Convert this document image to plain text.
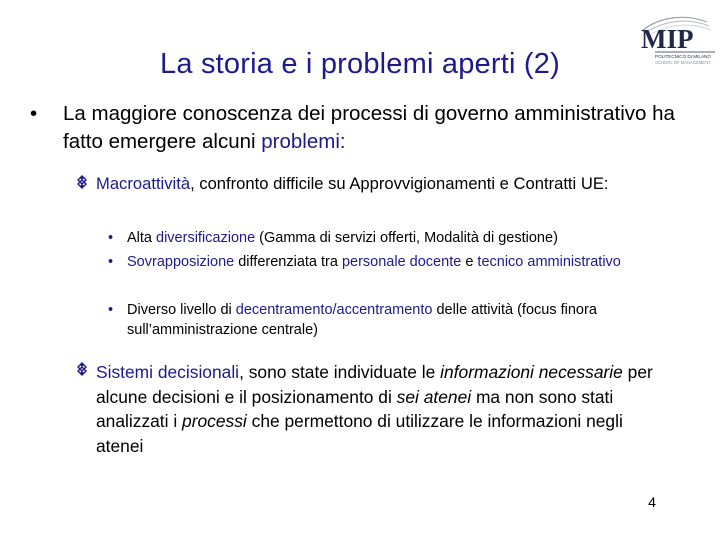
La storia e i problemi aperti (2)
MIP
POLITECNICO DI MILANO
SCHOOL OF MANAGEMENT
• La maggiore conoscenza dei processi di governo amministrativo ha fatto emergere alcuni problemi:
Macroattività, confronto difficile su Approvvigionamenti e Contratti UE:
• Alta diversificazione (Gamma di servizi offerti, Modalità di gestione)
• Sovrapposizione differenziata tra personale docente e tecnico amministrativo
• Diverso livello di decentramento/accentramento delle attività (focus finora sull’amministrazione centrale)
Sistemi decisionali, sono state individuate le informazioni necessarie per alcune decisioni e il posizionamento di sei atenei ma non sono stati analizzati i processi che permettono di utilizzare le informazioni negli atenei
4
